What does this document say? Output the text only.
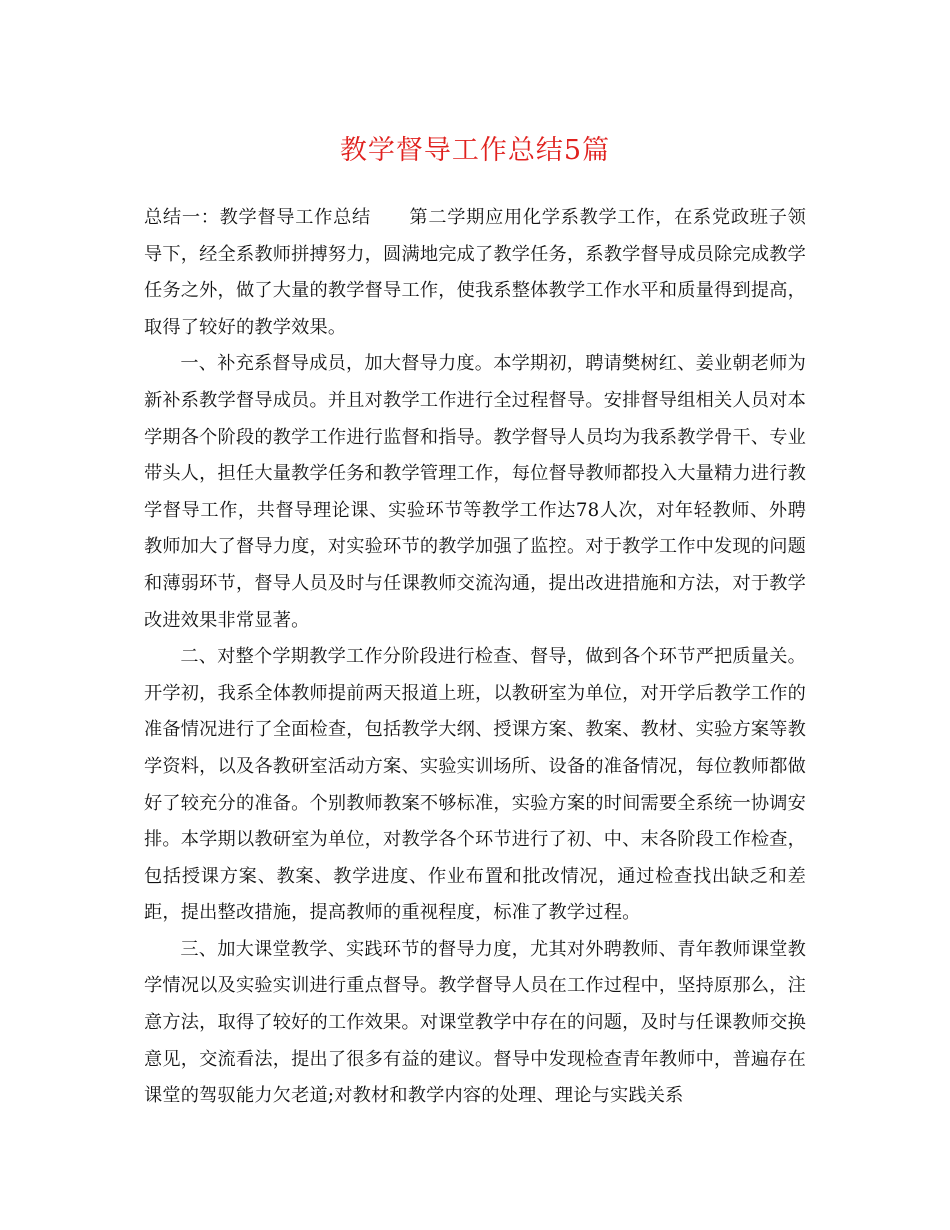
教学督导工作总结5篇

总结一：教学督导工作总结 第二学期应用化学系教学工作，在系党政班子领导下，经全系教师拼搏努力，圆满地完成了教学任务，系教学督导成员除完成教学任务之外，做了大量的教学督导工作，使我系整体教学工作水平和质量得到提高，取得了较好的教学效果。

一、补充系督导成员，加大督导力度。本学期初，聘请樊树红、姜业朝老师为新补系教学督导成员。并且对教学工作进行全过程督导。安排督导组相关人员对本学期各个阶段的教学工作进行监督和指导。教学督导人员均为我系教学骨干、专业带头人，担任大量教学任务和教学管理工作，每位督导教师都投入大量精力进行教学督导工作，共督导理论课、实验环节等教学工作达78人次，对年轻教师、外聘教师加大了督导力度，对实验环节的教学加强了监控。对于教学工作中发现的问题和薄弱环节，督导人员及时与任课教师交流沟通，提出改进措施和方法，对于教学改进效果非常显著。

二、对整个学期教学工作分阶段进行检查、督导，做到各个环节严把质量关。开学初，我系全体教师提前两天报道上班，以教研室为单位，对开学后教学工作的准备情况进行了全面检查，包括教学大纲、授课方案、教案、教材、实验方案等教学资料，以及各教研室活动方案、实验实训场所、设备的准备情况，每位教师都做好了较充分的准备。个别教师教案不够标准，实验方案的时间需要全系统一协调安排。本学期以教研室为单位，对教学各个环节进行了初、中、末各阶段工作检查，包括授课方案、教案、教学进度、作业布置和批改情况，通过检查找出缺乏和差距，提出整改措施，提高教师的重视程度，标准了教学过程。

三、加大课堂教学、实践环节的督导力度，尤其对外聘教师、青年教师课堂教学情况以及实验实训进行重点督导。教学督导人员在工作过程中，坚持原那么，注意方法，取得了较好的工作效果。对课堂教学中存在的问题，及时与任课教师交换意见，交流看法，提出了很多有益的建议。督导中发现检查青年教师中，普遍存在课堂的驾驭能力欠老道;对教材和教学内容的处理、理论与实践关系
